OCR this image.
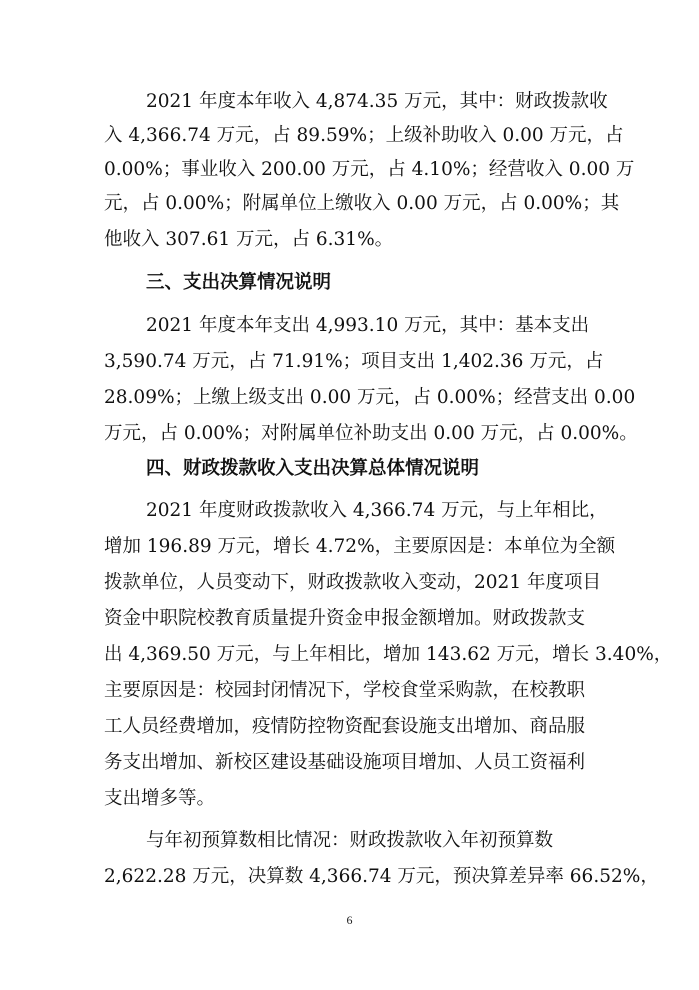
2021 年度本年收入 4,874.35 万元，其中：财政拨款收

入 4,366.74 万元，占 89.59%；上级补助收入 0.00 万元，占

0.00%；事业收入 200.00 万元，占 4.10%；经营收入 0.00 万

元，占 0.00%；附属单位上缴收入 0.00 万元，占 0.00%；其

他收入 307.61 万元，占 6.31%。

三、支出决算情况说明

2021 年度本年支出 4,993.10 万元，其中：基本支出

3,590.74 万元，占 71.91%；项目支出 1,402.36 万元，占

28.09%；上缴上级支出 0.00 万元，占 0.00%；经营支出 0.00

万元，占 0.00%；对附属单位补助支出 0.00 万元，占 0.00%。

四、财政拨款收入支出决算总体情况说明

2021 年度财政拨款收入 4,366.74 万元，与上年相比，

增加 196.89 万元，增长 4.72%，主要原因是：本单位为全额

拨款单位，人员变动下，财政拨款收入变动，2021 年度项目

资金中职院校教育质量提升资金申报金额增加。财政拨款支

出 4,369.50 万元，与上年相比，增加 143.62 万元，增长 3.40%，

主要原因是：校园封闭情况下，学校食堂采购款，在校教职

工人员经费增加，疫情防控物资配套设施支出增加、商品服

务支出增加、新校区建设基础设施项目增加、人员工资福利

支出增多等。

与年初预算数相比情况：财政拨款收入年初预算数

2,622.28 万元，决算数 4,366.74 万元，预决算差异率 66.52%，

6
